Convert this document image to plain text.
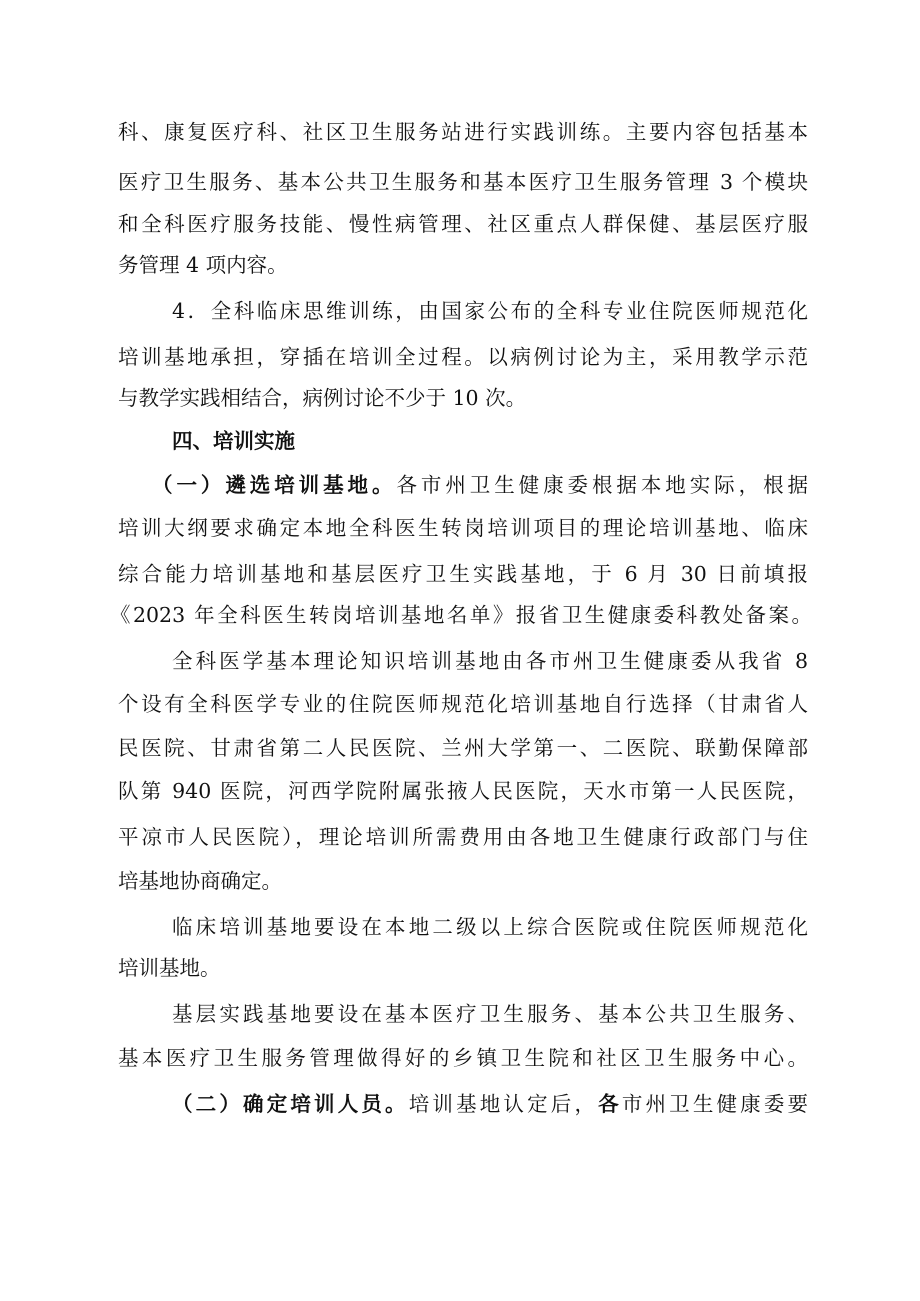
科、康复医疗科、社区卫生服务站进行实践训练。主要内容包括基本
医疗卫生服务、基本公共卫生服务和基本医疗卫生服务管理 3 个模块
和全科医疗服务技能、慢性病管理、社区重点人群保健、基层医疗服
务管理 4 项内容。
4．全科临床思维训练，由国家公布的全科专业住院医师规范化
培训基地承担，穿插在培训全过程。以病例讨论为主，采用教学示范
与教学实践相结合，病例讨论不少于 10 次。
四、培训实施
（一）遴选培训基地。各市州卫生健康委根据本地实际，根据
培训大纲要求确定本地全科医生转岗培训项目的理论培训基地、临床
综合能力培训基地和基层医疗卫生实践基地，于 6 月 30 日前填报
《2023 年全科医生转岗培训基地名单》报省卫生健康委科教处备案。
全科医学基本理论知识培训基地由各市州卫生健康委从我省 8
个设有全科医学专业的住院医师规范化培训基地自行选择（甘肃省人
民医院、甘肃省第二人民医院、兰州大学第一、二医院、联勤保障部
队第 940 医院，河西学院附属张掖人民医院，天水市第一人民医院，
平凉市人民医院），理论培训所需费用由各地卫生健康行政部门与住
培基地协商确定。
临床培训基地要设在本地二级以上综合医院或住院医师规范化
培训基地。
基层实践基地要设在基本医疗卫生服务、基本公共卫生服务、
基本医疗卫生服务管理做得好的乡镇卫生院和社区卫生服务中心。
（二）确定培训人员。培训基地认定后，各市州卫生健康委要
